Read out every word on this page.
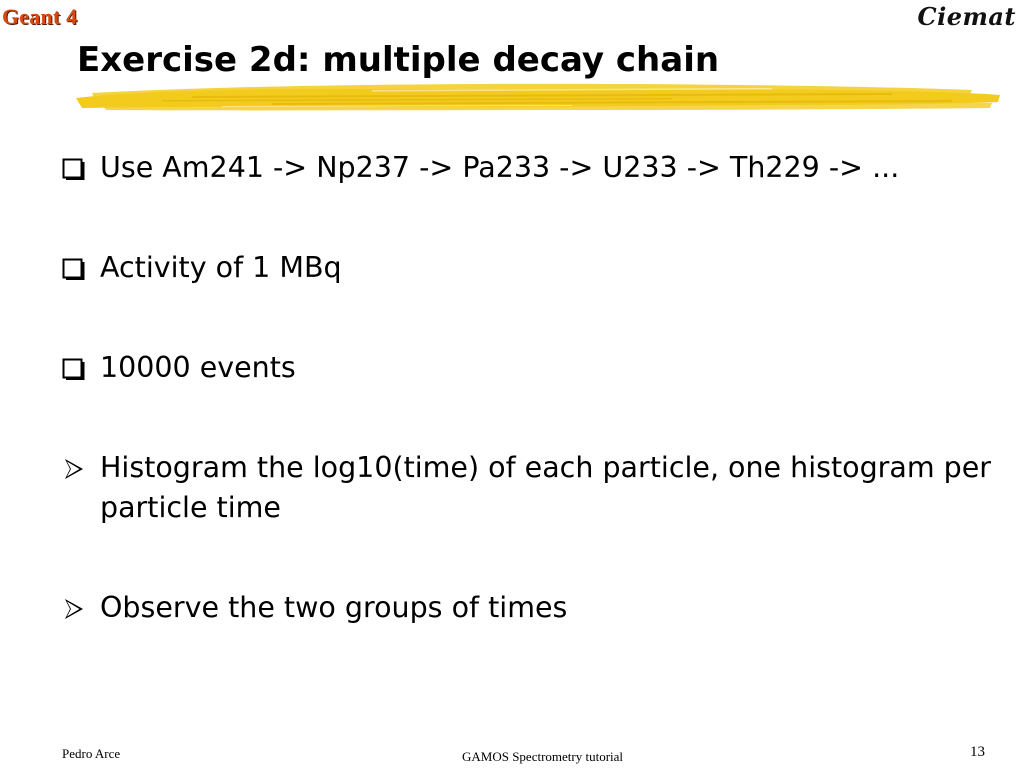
Geant 4	Ciemat
Exercise 2d: multiple decay chain
Use Am241 -> Np237 -> Pa233 -> U233 -> Th229 -> ...
Activity of 1 MBq
10000 events
Histogram the log10(time) of each particle, one histogram per particle time
Observe the two groups of times
Pedro Arce	GAMOS Spectrometry tutorial	13
